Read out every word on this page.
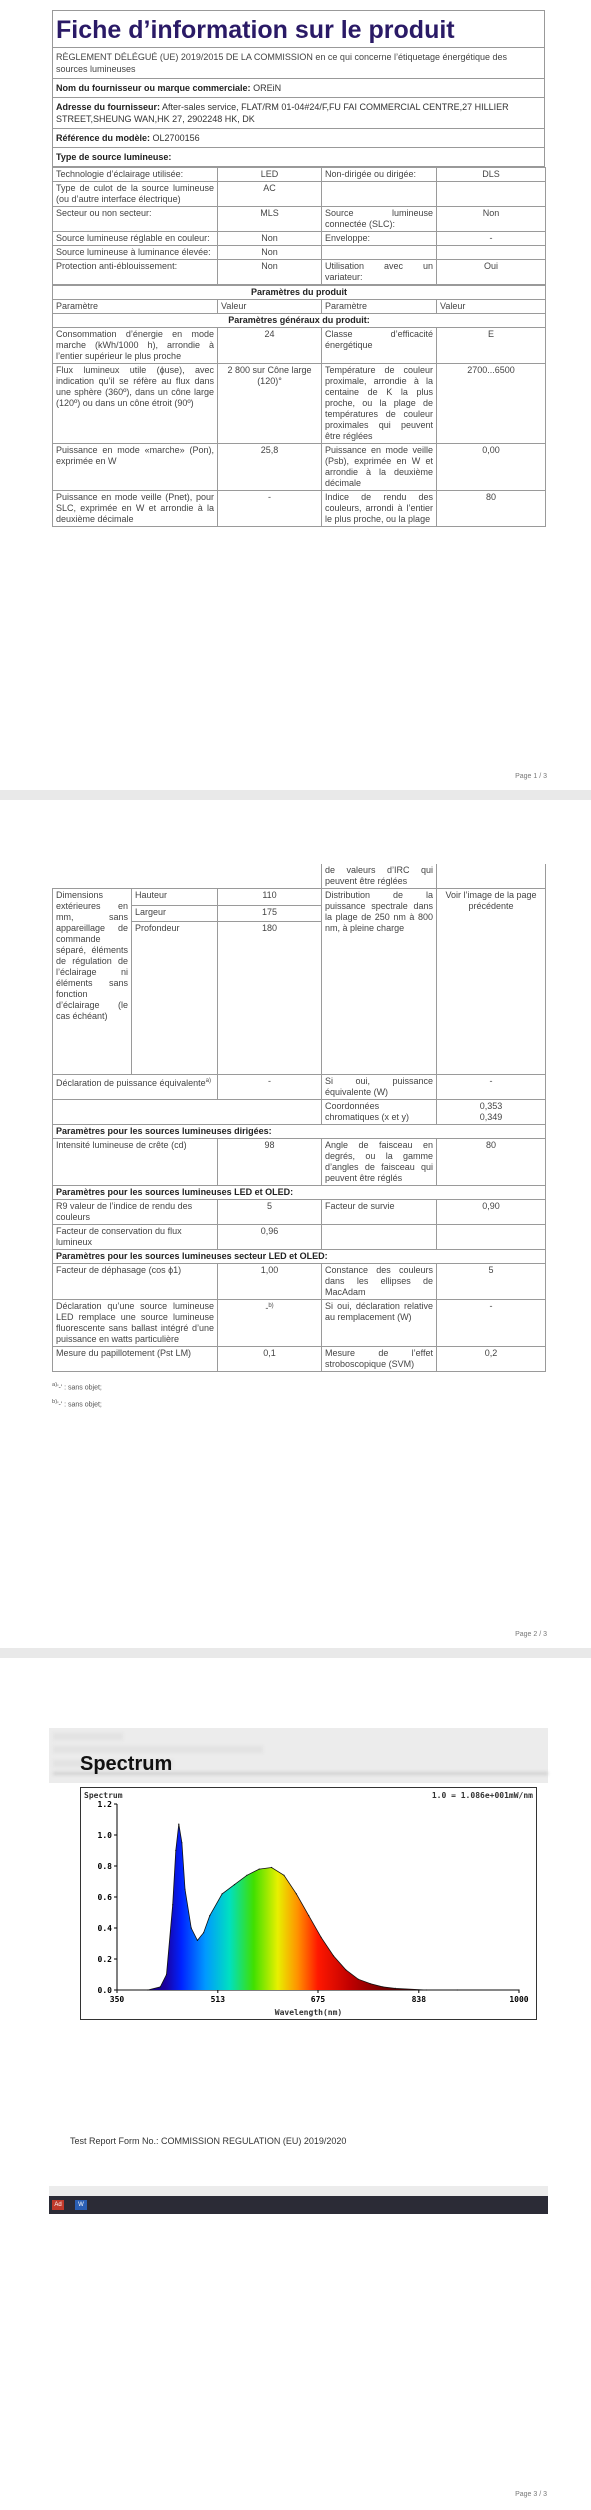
Fiche d’information sur le produit
RÈGLEMENT DÉLÉGUÉ (UE) 2019/2015 DE LA COMMISSION en ce qui concerne l’étiquetage énergétique des sources lumineuses
Nom du fournisseur ou marque commerciale: OREiN
Adresse du fournisseur: After-sales service, FLAT/RM 01-04#24/F,FU FAI COMMERCIAL CENTRE,27 HILLIER STREET,SHEUNG WAN,HK 27, 2902248 HK, DK
Référence du modèle: OL2700156
Type de source lumineuse:
Technologie d’éclairage utilisée:	LED	Non-dirigée ou dirigée:	DLS
Type de culot de la source lumineuse (ou d’autre interface électrique)	AC		
Secteur ou non secteur:	MLS	Source lumineuse connectée (SLC):	Non
Source lumineuse réglable en couleur:	Non	Enveloppe:	-
Source lumineuse à luminance élevée:	Non		
Protection anti-éblouissement:	Non	Utilisation avec un variateur:	Oui
Paramètres du produit			
Paramètre	Valeur	Paramètre	Valeur
Paramètres généraux du produit:			
Consommation d’énergie en mode marche (kWh/1000 h), arrondie à l’entier supérieur le plus proche	24	Classe d’efficacité énergétique	E
Flux lumineux utile (ϕuse), avec indication qu’il se réfère au flux dans une sphère (360º), dans un cône large (120º) ou dans un cône étroit (90º)	2 800 sur Cône large (120)°	Température de couleur proximale, arrondie à la centaine de K la plus proche, ou la plage de températures de couleur proximales qui peuvent être réglées	2700...6500
Puissance en mode «marche» (Pon), exprimée en W	25,8	Puissance en mode veille (Psb), exprimée en W et arrondie à la deuxième décimale	0,00
Puissance en mode veille (Pnet), pour SLC, exprimée en W et arrondie à la deuxième décimale	-	Indice de rendu des couleurs, arrondi à l’entier le plus proche, ou la plage	80
Page 1 / 3
			de valeurs d’IRC qui peuvent être réglées	
Dimensions extérieures en mm, sans appareillage de commande séparé, éléments de régulation de l’éclairage ni éléments sans fonction d’éclairage (le cas échéant)	Hauteur	110	Distribution de la puissance spectrale dans la plage de 250 nm à 800 nm, à pleine charge	Voir l’image de la page précédente
	Largeur	175		
	Profondeur	180		
Déclaration de puissance équivalente$^{a)}$		-	Si oui, puissance équivalente (W)	-
			Coordonnées chromatiques (x et y)	0,353
0,349
Paramètres pour les sources lumineuses dirigées:				
Intensité lumineuse de crête (cd)		98	Angle de faisceau en degrés, ou la gamme d’angles de faisceau qui peuvent être réglés	80
Paramètres pour les sources lumineuses LED et OLED:				
R9 valeur de l’indice de rendu des couleurs		5	Facteur de survie	0,90
Facteur de conservation du flux lumineux		0,96		
Paramètres pour les sources lumineuses secteur LED et OLED:				
Facteur de déphasage (cos ϕ1)		1,00	Constance des couleurs dans les ellipses de MacAdam	5
Déclaration qu’une source lumineuse LED remplace une source lumineuse fluorescente sans ballast intégré d’une puissance en watts particulière		-$^{b)}$	Si oui, déclaration relative au remplacement (W)	-
Mesure du papillotement (Pst LM)		0,1	Mesure de l’effet stroboscopique (SVM)	0,2
$^{a)}$'-' : sans objet;
$^{b)}$'-' : sans objet;
Page 2 / 3
Spectrum
0.0
0.2
0.4
0.6
0.8
1.0
1.2
350	513	675	838	1000
Spectrum	1.0 = 1.086e+001mW/nm
Wavelength(nm)
Test Report Form No.: COMMISSION REGULATION (EU) 2019/2020
Ad	W
Page 3 / 3
